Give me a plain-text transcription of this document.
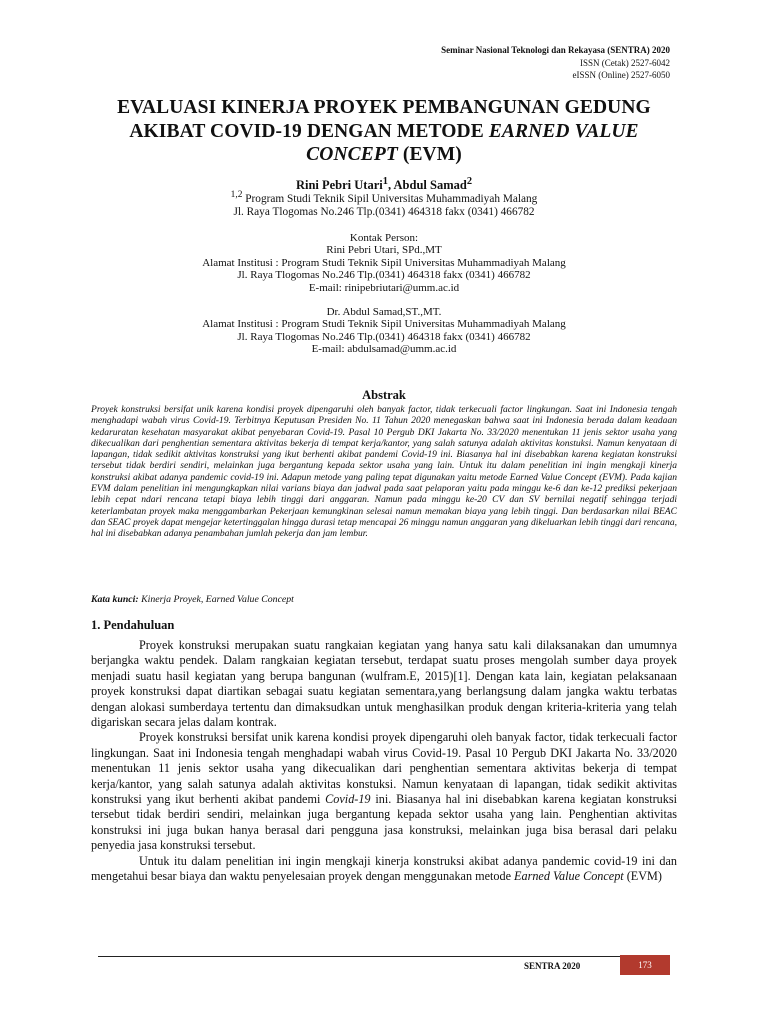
Seminar Nasional Teknologi dan Rekayasa (SENTRA) 2020
ISSN (Cetak) 2527-6042
eISSN (Online) 2527-6050
EVALUASI KINERJA PROYEK PEMBANGUNAN GEDUNG
AKIBAT COVID-19 DENGAN METODE EARNED VALUE
CONCEPT (EVM)
Rini Pebri Utari$^1$, Abdul Samad$^2$
$^{1,2}$ Program Studi Teknik Sipil Universitas Muhammadiyah Malang
Jl. Raya Tlogomas No.246 Tlp.(0341) 464318 fakx (0341) 466782
Kontak Person:
Rini Pebri Utari, SPd.,MT
Alamat Institusi : Program Studi Teknik Sipil Universitas Muhammadiyah Malang
Jl. Raya Tlogomas No.246 Tlp.(0341) 464318 fakx (0341) 466782
E-mail: rinipebriutari@umm.ac.id
Dr. Abdul Samad,ST.,MT.
Alamat Institusi : Program Studi Teknik Sipil Universitas Muhammadiyah Malang
Jl. Raya Tlogomas No.246 Tlp.(0341) 464318 fakx (0341) 466782
E-mail: abdulsamad@umm.ac.id
Abstrak
Proyek konstruksi bersifat unik karena kondisi proyek dipengaruhi oleh banyak factor, tidak terkecuali factor lingkungan. Saat ini Indonesia tengah menghadapi wabah virus Covid-19. Terbitnya Keputusan Presiden No. 11 Tahun 2020 menegaskan bahwa saat ini Indonesia berada dalam keadaan kedaruratan kesehatan masyarakat akibat penyebaran Covid-19. Pasal 10 Pergub DKI Jakarta No. 33/2020 menentukan 11 jenis sektor usaha yang dikecualikan dari penghentian sementara aktivitas bekerja di tempat kerja/kantor, yang salah satunya adalah aktivitas konstuksi. Namun kenyataan di lapangan, tidak sedikit aktivitas konstruksi yang ikut berhenti akibat pandemi Covid-19 ini. Biasanya hal ini disebabkan karena kegiatan konstruksi tersebut tidak berdiri sendiri, melainkan juga bergantung kepada sektor usaha yang lain. Untuk itu dalam penelitian ini ingin mengkaji kinerja konstruksi akibat adanya pandemic covid-19 ini. Adapun metode yang paling tepat digunakan yaitu metode Earned Value Concept (EVM). Pada kajian EVM dalam penelitian ini mengungkapkan nilai varians biaya dan jadwal pada saat pelaporan yaitu pada minggu ke-6 dan ke-12 prediksi pekerjaan lebih cepat ndari rencana tetapi biaya lebih tinggi dari anggaran. Namun pada minggu ke-20 CV dan SV bernilai negatif sehingga terjadi keterlambatan proyek maka menggambarkan Pekerjaan kemungkinan selesai namun memakan biaya yang lebih tinggi. Dan berdasarkan nilai BEAC dan SEAC proyek dapat mengejar ketertinggalan hingga durasi tetap mencapai 26 minggu namun anggaran yang dikeluarkan lebih tinggi dari rencana, hal ini disebabkan adanya penambahan jumlah pekerja dan jam lembur.
Kata kunci: Kinerja Proyek, Earned Value Concept
1. Pendahuluan

Proyek konstruksi merupakan suatu rangkaian kegiatan yang hanya satu kali dilaksanakan dan umumnya berjangka waktu pendek. Dalam rangkaian kegiatan tersebut, terdapat suatu proses mengolah sumber daya proyek menjadi suatu hasil kegiatan yang berupa bangunan (wulfram.E, 2015)[1]. Dengan kata lain, kegiatan pelaksanaan proyek konstruksi dapat diartikan sebagai suatu kegiatan sementara,yang berlangsung dalam jangka waktu terbatas dengan alokasi sumberdaya tertentu dan dimaksudkan untuk menghasilkan produk dengan kriteria-kriteria yang telah digariskan secara jelas dalam kontrak.

Proyek konstruksi bersifat unik karena kondisi proyek dipengaruhi oleh banyak factor, tidak terkecuali factor lingkungan. Saat ini Indonesia tengah menghadapi wabah virus Covid-19. Pasal 10 Pergub DKI Jakarta No. 33/2020 menentukan 11 jenis sektor usaha yang dikecualikan dari penghentian sementara aktivitas bekerja di tempat kerja/kantor, yang salah satunya adalah aktivitas konstuksi. Namun kenyataan di lapangan, tidak sedikit aktivitas konstruksi yang ikut berhenti akibat pandemi Covid-19 ini. Biasanya hal ini disebabkan karena kegiatan konstruksi tersebut tidak berdiri sendiri, melainkan juga bergantung kepada sektor usaha yang lain. Penghentian aktivitas konstruksi ini juga bukan hanya berasal dari pengguna jasa konstruksi, melainkan juga bisa berasal dari pelaku penyedia jasa konstruksi tersebut.

Untuk itu dalam penelitian ini ingin mengkaji kinerja konstruksi akibat adanya pandemic covid-19 ini dan mengetahui besar biaya dan waktu penyelesaian proyek dengan menggunakan metode Earned Value Concept (EVM)

SENTRA 2020	173
